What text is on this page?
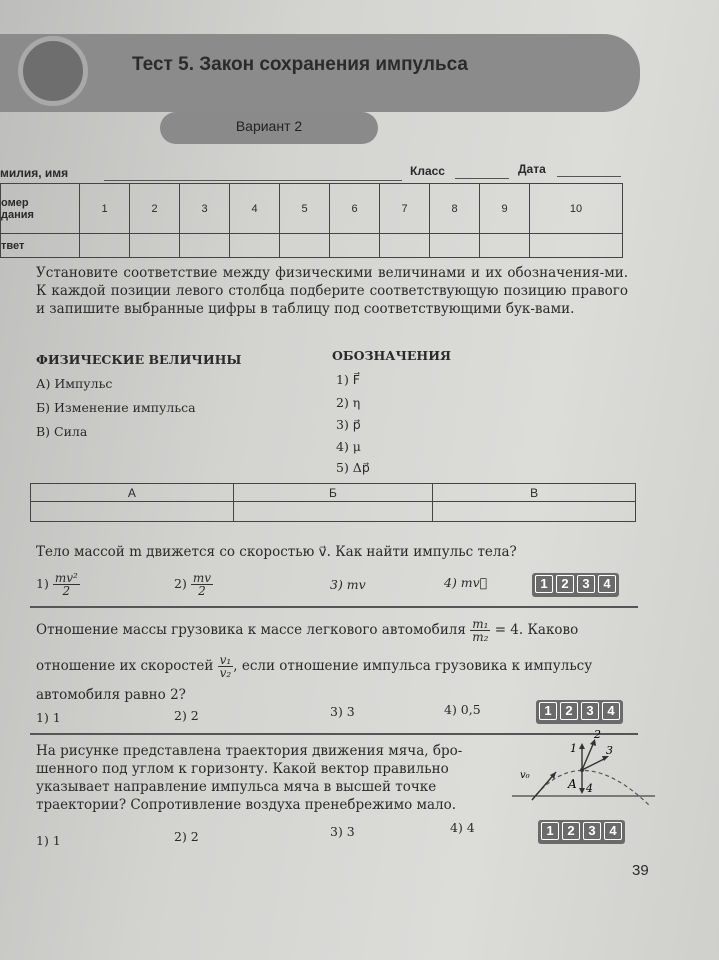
Тест 5. Закон сохранения импульса
Вариант 2
милия, имя	Класс	Дата
омер
дания	1	2	3	4	5	6	7	8	9	10
твет										
Установите соответствие между физическими величинами и их обозначения-ми. К каждой позиции левого столбца подберите соответствующую позицию правого и запишите выбранные цифры в таблицу под соответствующими бук-вами.
ФИЗИЧЕСКИЕ ВЕЛИЧИНЫ
А) Импульс
Б) Изменение импульса
В) Сила
ОБОЗНАЧЕНИЯ
1) F⃗
2) η
3) p⃗
4) μ
5) Δp⃗
А	Б	В

Тело массой m движется со скоростью v⃗. Как найти импульс тела?
$1) \frac{\text{mv²}}{2}$	$2) \frac{mv}{2}$	3) mv	4) mv⃗	1	2	3	4
Отношение массы грузовика к массе легкового автомобиля $\frac{\text{m₁}}{\text{m₂}} = 4$. Каково
отношение их скоростей $\frac{\text{v₁}}{\text{v₂}}$ , если отношение импульса грузовика к импульсу
автомобиля равно 2?
1) 1	2) 2	3) 3	4) 0,5	1	2	3	4
На рисунке представлена траектория движения мяча, бро-шенного под углом к горизонту. Какой вектор правильно указывает направление импульса мяча в высшей точке траектории? Сопротивление воздуха пренебрежимо мало.
1) 1	2) 2	3) 3	4) 4	1	2	3	4
v₀
A
1
2
3
4
39
